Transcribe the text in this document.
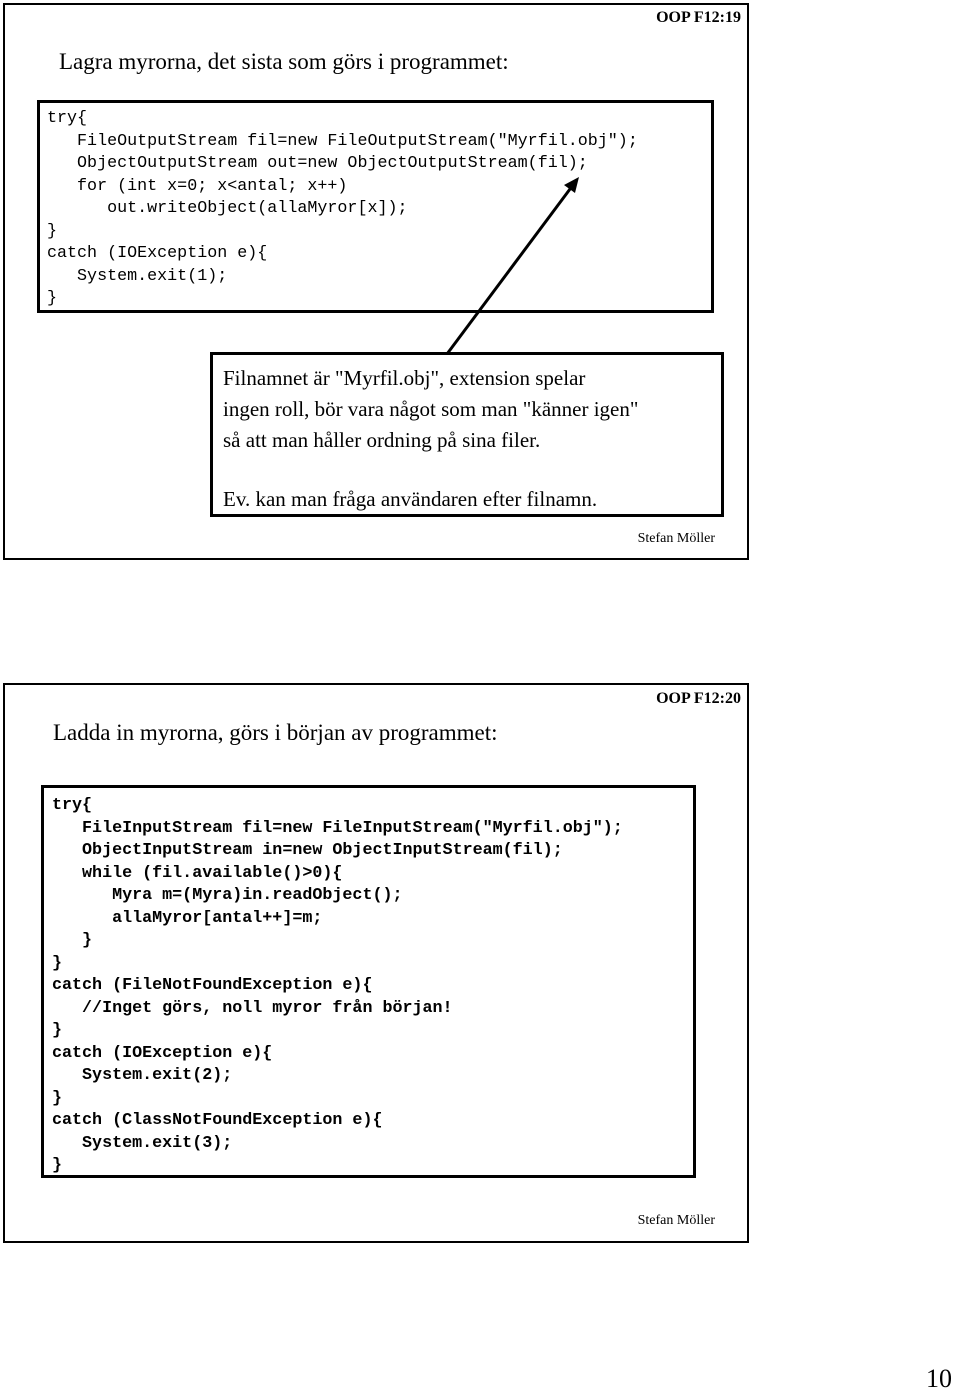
OOP F12:19
Lagra myrorna, det sista som görs i programmet:
try{
FileOutputStream fil=new FileOutputStream("Myrfil.obj");
ObjectOutputStream out=new ObjectOutputStream(fil);
for (int x=0; x<antal; x++)
out.writeObject(allaMyror[x]);
}
catch (IOException e){
System.exit(1);
}

Filnamnet är "Myrfil.obj", extension spelar
ingen roll, bör vara något som man "känner igen"
så att man håller ordning på sina filer.
Ev. kan man fråga användaren efter filnamn.
Stefan Möller
OOP F12:20
Ladda in myrorna, görs i början av programmet:
try{
FileInputStream fil=new FileInputStream("Myrfil.obj");
ObjectInputStream in=new ObjectInputStream(fil);
while (fil.available()>0){
Myra m=(Myra)in.readObject();
allaMyror[antal++]=m;
}
}
catch (FileNotFoundException e){
//Inget görs, noll myror från början!
}
catch (IOException e){
System.exit(2);
}
catch (ClassNotFoundException e){
System.exit(3);
}

Stefan Möller
10
